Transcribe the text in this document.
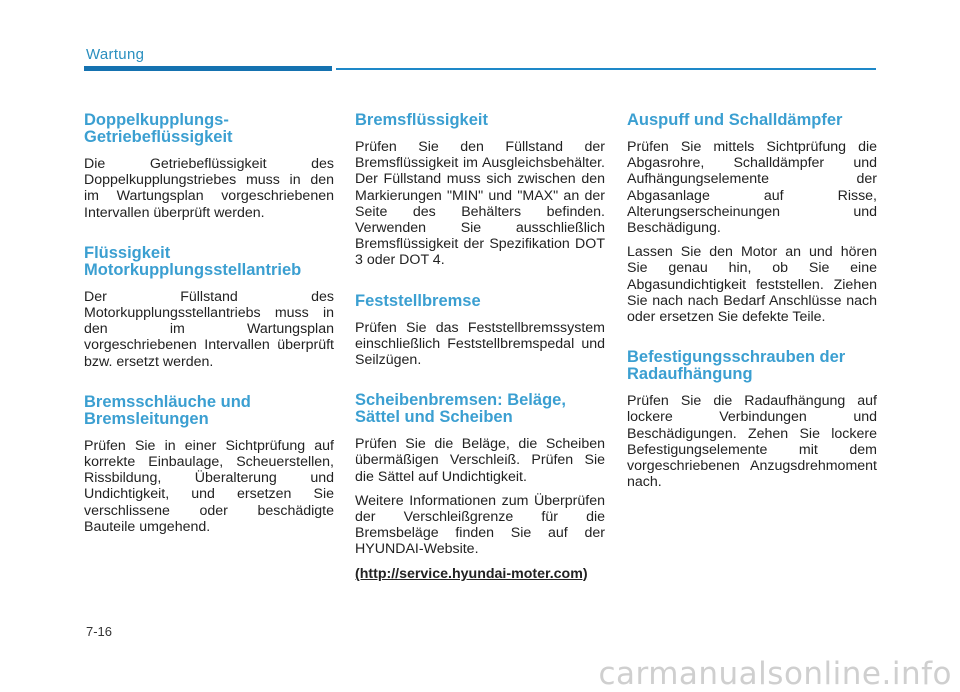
Wartung
Doppelkupplungs-
Getriebeflüssigkeit

Die Getriebeflüssigkeit des Doppelkupplungstriebes muss in den im Wartungsplan vorgeschriebenen Intervallen überprüft werden.

Flüssigkeit
Motorkupplungsstellantrieb

Der Füllstand des Motorkupplungsstellantriebs muss in den im Wartungsplan vorgeschriebenen Intervallen überprüft bzw. ersetzt werden.

Bremsschläuche und
Bremsleitungen

Prüfen Sie in einer Sichtprüfung auf korrekte Einbaulage, Scheuerstellen, Rissbildung, Überalterung und Undichtigkeit, und ersetzen Sie verschlissene oder beschädigte Bauteile umgehend.

Bremsflüssigkeit

Prüfen Sie den Füllstand der Bremsflüssigkeit im Ausgleichsbehälter. Der Füllstand muss sich zwischen den Markierungen "MIN" und "MAX" an der Seite des Behälters befinden. Verwenden Sie ausschließlich Bremsflüssigkeit der Spezifikation DOT 3 oder DOT 4.

Feststellbremse

Prüfen Sie das Feststellbremssystem einschließlich Feststellbremspedal und Seilzügen.

Scheibenbremsen: Beläge,
Sättel und Scheiben

Prüfen Sie die Beläge, die Scheiben übermäßigen Verschleiß. Prüfen Sie die Sättel auf Undichtigkeit.

Weitere Informationen zum Überprüfen der Verschleißgrenze für die Bremsbeläge finden Sie auf der HYUNDAI-Website.

(http://service.hyundai-moter.com)

Auspuff und Schalldämpfer

Prüfen Sie mittels Sichtprüfung die Abgasrohre, Schalldämpfer und Aufhängungselemente der Abgasanlage auf Risse, Alterungserscheinungen und Beschädigung.

Lassen Sie den Motor an und hören Sie genau hin, ob Sie eine Abgasundichtigkeit feststellen. Ziehen Sie nach nach Bedarf Anschlüsse nach oder ersetzen Sie defekte Teile.

Befestigungsschrauben der
Radaufhängung

Prüfen Sie die Radaufhängung auf lockere Verbindungen und Beschädigungen. Zehen Sie lockere Befestigungselemente mit dem vorgeschriebenen Anzugsdrehmoment nach.

7-16
carmanualsonline.info
